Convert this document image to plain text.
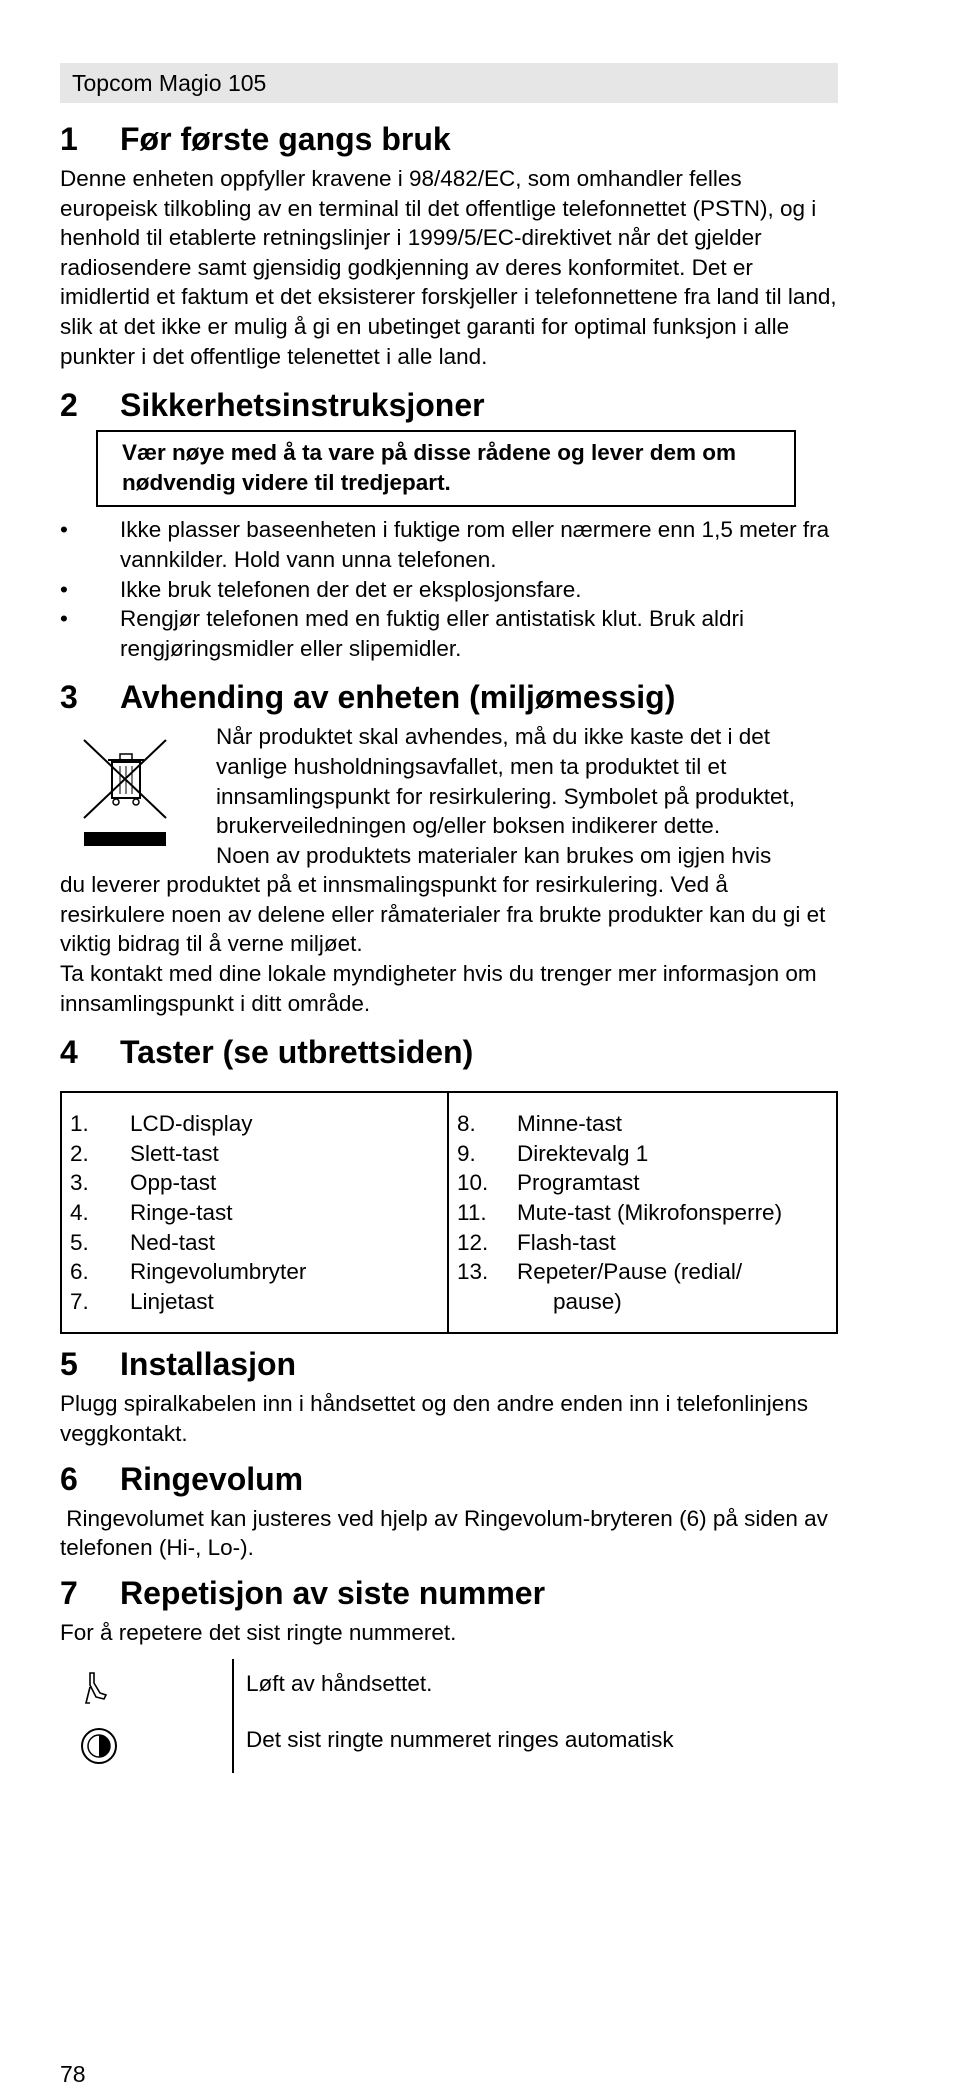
Topcom Magio 105
1	Før første gangs bruk

Denne enheten oppfyller kravene i 98/482/EC, som omhandler felles europeisk tilkobling av en terminal til det offentlige telefonnettet (PSTN), og i henhold til etablerte retningslinjer i 1999/5/EC-direktivet når det gjelder radiosendere samt gjensidig godkjenning av deres konformitet. Det er imidlertid et faktum et det eksisterer forskjeller i telefonnettene fra land til land, slik at det ikke er mulig å gi en ubetinget garanti for optimal funksjon i alle punkter i det offentlige telenettet i alle land.

2	Sikkerhetsinstruksjoner
Vær nøye med å ta vare på disse rådene og lever dem om nødvendig videre til tredjepart.
•	Ikke plasser baseenheten i fuktige rom eller nærmere enn 1,5 meter fra vannkilder. Hold vann unna telefonen.
•	Ikke bruk telefonen der det er eksplosjonsfare.
•	Rengjør telefonen med en fuktig eller antistatisk klut. Bruk aldri rengjøringsmidler eller slipemidler.
3	Avhending av enheten (miljømessig)

Når produktet skal avhendes, må du ikke kaste det i det vanlige husholdningsavfallet, men ta produktet til et innsamlingspunkt for resirkulering. Symbolet på produktet, brukerveiledningen og/eller boksen indikerer dette.

Noen av produktets materialer kan brukes om igjen hvis

du leverer produktet på et innsmalingspunkt for resirkulering. Ved å resirkulere noen av delene eller råmaterialer fra brukte produkter kan du gi et viktig bidrag til å verne miljøet.

Ta kontakt med dine lokale myndigheter hvis du trenger mer informasjon om innsamlingspunkt i ditt område.

4	Taster (se utbrettsiden)
1.	LCD-display
2.	Slett-tast
3.	Opp-tast
4.	Ringe-tast
5.	Ned-tast
6.	Ringevolumbryter
7.	Linjetast
8.	Minne-tast
9.	Direktevalg 1
10.	Programtast
11.	Mute-tast (Mikrofonsperre)
12.	Flash-tast
13.	Repeter/Pause (redial/
pause)
5	Installasjon

Plugg spiralkabelen inn i håndsettet og den andre enden inn i telefonlinjens veggkontakt.

6	Ringevolum

Ringevolumet kan justeres ved hjelp av Ringevolum-bryteren (6) på siden av telefonen (Hi-, Lo-).

7	Repetisjon av siste nummer

For å repetere det sist ringte nummeret.

Løft av håndsettet.

Det sist ringte nummeret ringes automatisk

78
